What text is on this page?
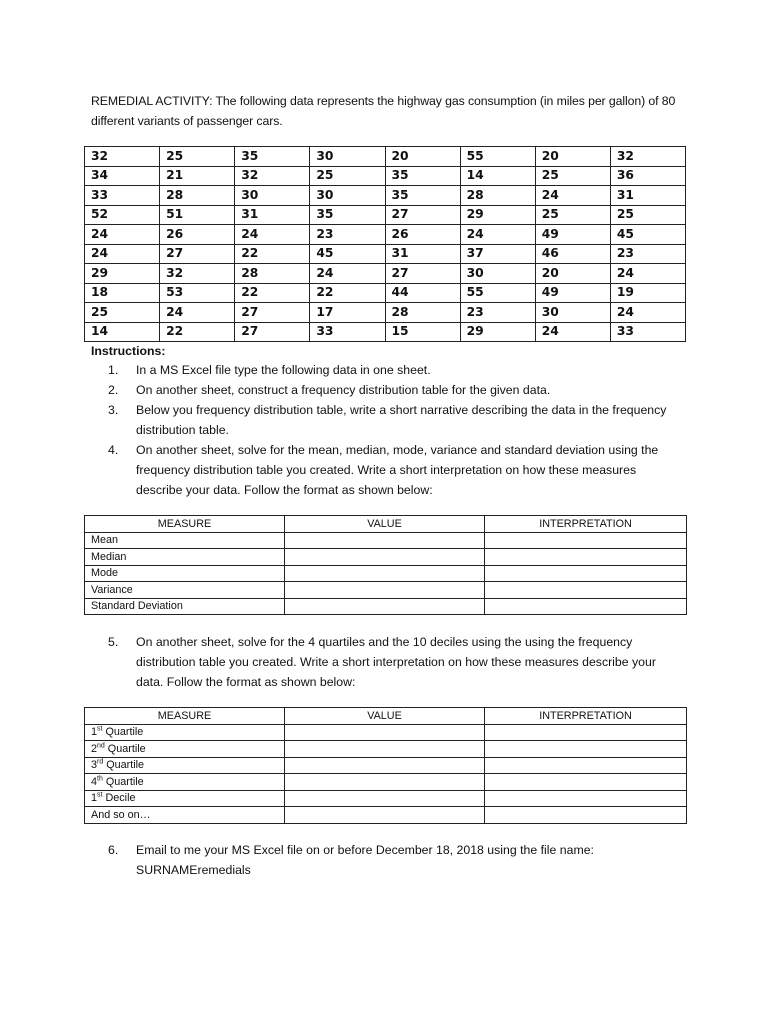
REMEDIAL ACTIVITY: The following data represents the highway gas consumption (in miles per gallon) of 80 different variants of passenger cars.
32	25	35	30	20	55	20	32
34	21	32	25	35	14	25	36
33	28	30	30	35	28	24	31
52	51	31	35	27	29	25	25
24	26	24	23	26	24	49	45
24	27	22	45	31	37	46	23
29	32	28	24	27	30	20	24
18	53	22	22	44	55	49	19
25	24	27	17	28	23	30	24
14	22	27	33	15	29	24	33
Instructions:
1. In a MS Excel file type the following data in one sheet.
2. On another sheet, construct a frequency distribution table for the given data.
3. Below you frequency distribution table, write a short narrative describing the data in the frequency distribution table.
4. On another sheet, solve for the mean, median, mode, variance and standard deviation using the frequency distribution table you created. Write a short interpretation on how these measures describe your data. Follow the format as shown below:
MEASURE	VALUE	INTERPRETATION
Mean		
Median		
Mode		
Variance		
Standard Deviation		
5. On another sheet, solve for the 4 quartiles and the 10 deciles using the using the frequency distribution table you created. Write a short interpretation on how these measures describe your data. Follow the format as shown below:
MEASURE	VALUE	INTERPRETATION
1st Quartile		
2nd Quartile		
3rd Quartile		
4th Quartile		
1st Decile		
And so on…		
6. Email to me your MS Excel file on or before December 18, 2018 using the file name: SURNAMEremedials
